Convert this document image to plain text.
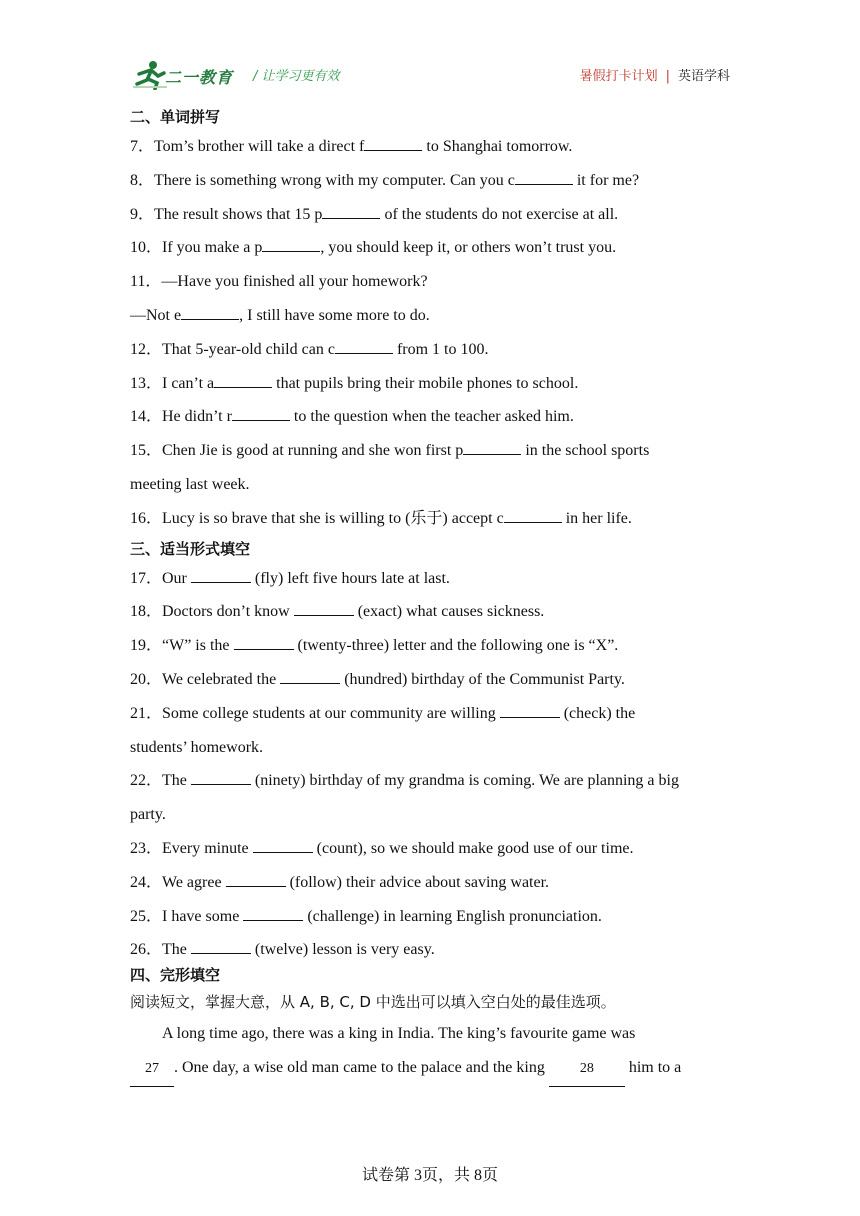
二一教育 / 让学习更有效	暑假打卡计划 | 英语学科
二、单词拼写
7．Tom’s brother will take a direct f	to Shanghai tomorrow.
8．There is something wrong with my computer. Can you c	it for me?
9．The result shows that 15 p	of the students do not exercise at all.
10．If you make a p	, you should keep it, or others won’t trust you.
11．—Have you finished all your homework?
—Not e	, I still have some more to do.
12．That 5-year-old child can c	from 1 to 100.
13．I can’t a	that pupils bring their mobile phones to school.
14．He didn’t r	to the question when the teacher asked him.
15．Chen Jie is good at running and she won first p	in the school sports
meeting last week.
16．Lucy is so brave that she is willing to (乐于) accept c	in her life.
三、适当形式填空
17．Our	(fly) left five hours late at last.
18．Doctors don’t know	(exact) what causes sickness.
19．“W” is the	(twenty-three) letter and the following one is “X”.
20．We celebrated the	(hundred) birthday of the Communist Party.
21．Some college students at our community are willing	(check) the
students’ homework.
22．The	(ninety) birthday of my grandma is coming. We are planning a big
party.
23．Every minute	(count), so we should make good use of our time.
24．We agree	(follow) their advice about saving water.
25．I have some	(challenge) in learning English pronunciation.
26．The	(twelve) lesson is very easy.
四、完形填空
阅读短文，掌握大意，从 A, B, C, D 中选出可以填入空白处的最佳选项。
A long time ago, there was a king in India. The king’s favourite game was
27 . One day, a wise old man came to the palace and the king 28 him to a
试卷第 3页，共 8页
